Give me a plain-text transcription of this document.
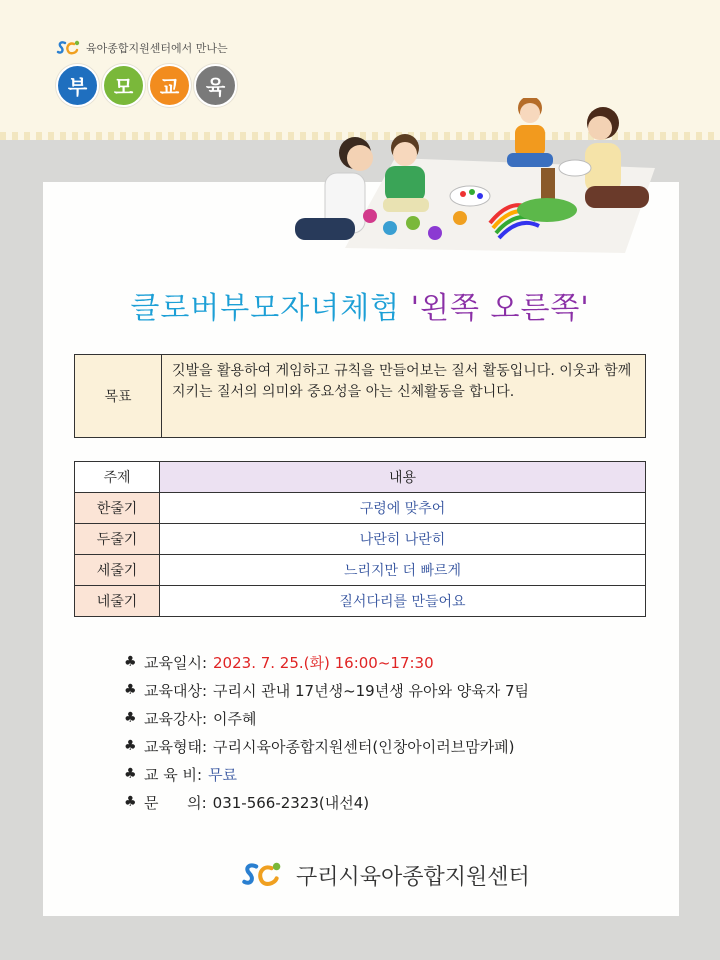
육아종합지원센터에서 만나는
부	모	교	육
클로버부모자녀체험 '왼쪽 오른쪽'
목표
깃발을 활용하여 게임하고 규칙을 만들어보는 질서 활동입니다. 이웃과 함께 지키는 질서의 의미와 중요성을 아는 신체활동을 합니다.
주제	내용
한줄기	구령에 맞추어
두줄기	나란히 나란히
세줄기	느리지만 더 빠르게
네줄기	질서다리를 만들어요
♣ 교육일시: 2023. 7. 25.(화) 16:00~17:30
♣ 교육대상: 구리시 관내 17년생~19년생 유아와 양육자 7팀
♣ 교육강사: 이주혜
♣ 교육형태: 구리시육아종합지원센터(인창아이러브맘카페)
♣ 교 육 비: 무료
♣ 문      의: 031-566-2323(내선4)
구리시육아종합지원센터
